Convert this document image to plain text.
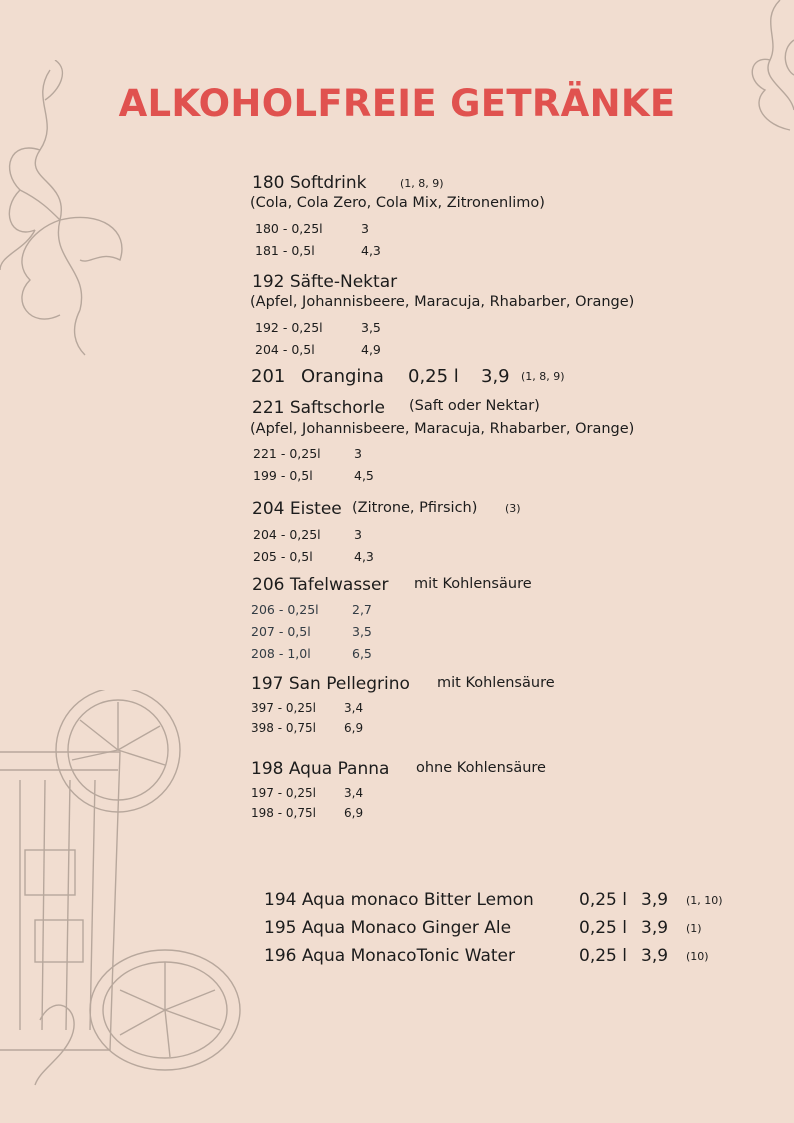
ALKOHOLFREIE GETRÄNKE
180 Softdrink	(1, 8, 9)
(Cola, Cola Zero, Cola Mix, Zitronenlimo)
180 - 0,25l	3
181 - 0,5l	4,3
192 Säfte-Nektar
(Apfel, Johannisbeere, Maracuja, Rhabarber, Orange)
192 - 0,25l	3,5
204 - 0,5l	4,9
201 Orangina 0,25 l 3,9 (1, 8, 9)
221 Saftschorle (Saft oder Nektar)
(Apfel, Johannisbeere, Maracuja, Rhabarber, Orange)
221 - 0,25l	3
199 - 0,5l	4,5
204 Eistee (Zitrone, Pfirsich)	(3)
204 - 0,25l	3
205 - 0,5l	4,3
206 Tafelwasser mit Kohlensäure
206 - 0,25l	2,7
207 - 0,5l	3,5
208 - 1,0l	6,5
197 San Pellegrino mit Kohlensäure
397 - 0,25l 3,4
398 - 0,75l 6,9
198 Aqua Panna ohne Kohlensäure
197 - 0,25l 3,4
198 - 0,75l 6,9
194 Aqua monaco Bitter Lemon	0,25 l 3,9 (1, 10)
195 Aqua Monaco Ginger Ale	0,25 l 3,9 (1)
196 Aqua MonacoTonic Water	0,25 l 3,9 (10)
